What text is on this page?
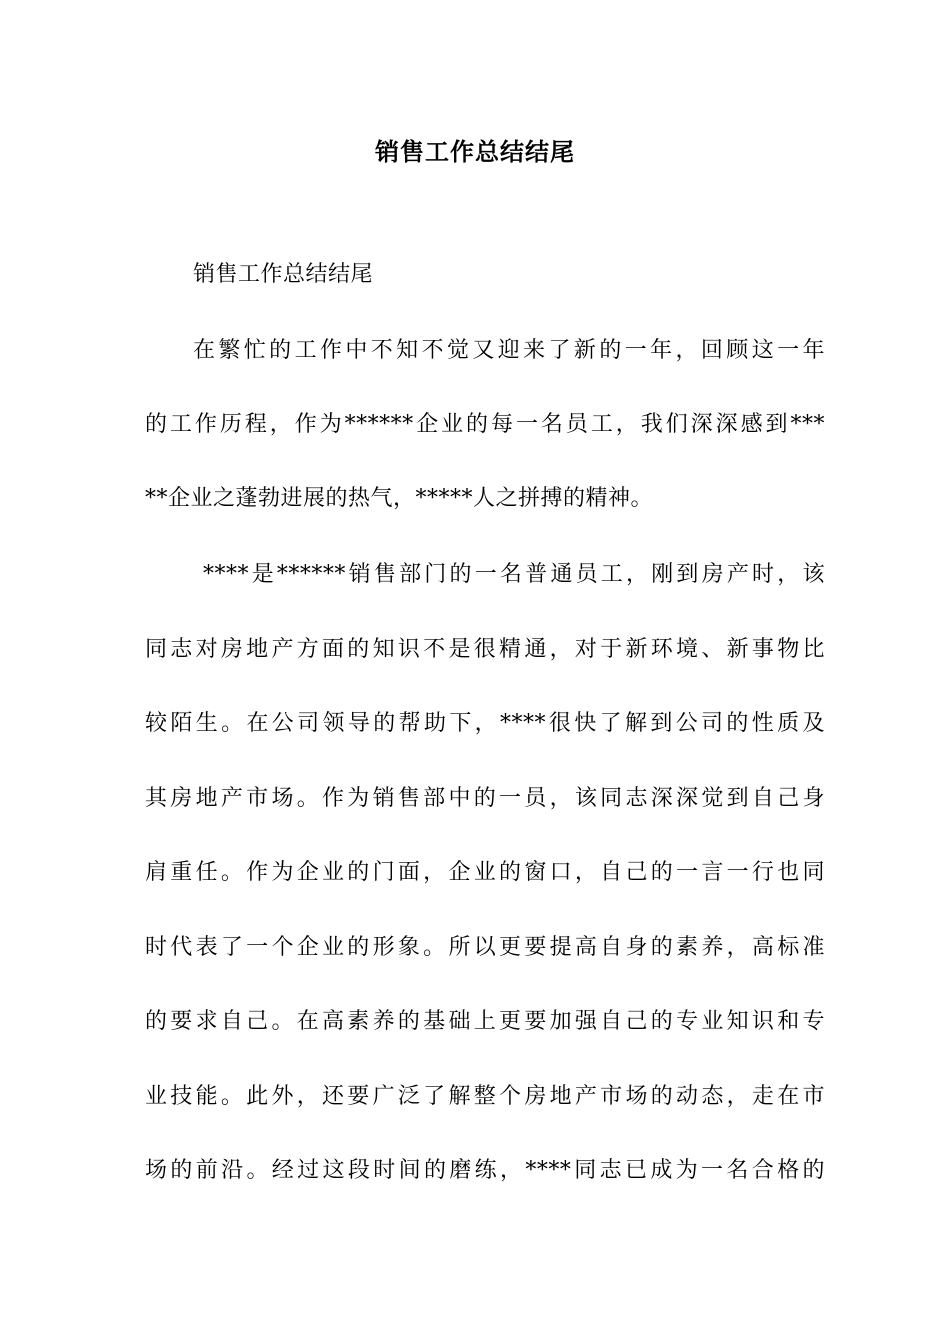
销售工作总结结尾
销售工作总结结尾
在繁忙的工作中不知不觉又迎来了新的一年，回顾这一年
的工作历程，作为******企业的每一名员工，我们深深感到***
**企业之蓬勃进展的热气，*****人之拼搏的精神。
****是******销售部门的一名普通员工，刚到房产时，该
同志对房地产方面的知识不是很精通，对于新环境、新事物比
较陌生。在公司领导的帮助下，****很快了解到公司的性质及
其房地产市场。作为销售部中的一员，该同志深深觉到自己身
肩重任。作为企业的门面，企业的窗口，自己的一言一行也同
时代表了一个企业的形象。所以更要提高自身的素养，高标准
的要求自己。在高素养的基础上更要加强自己的专业知识和专
业技能。此外，还要广泛了解整个房地产市场的动态，走在市
场的前沿。经过这段时间的磨练，****同志已成为一名合格的
